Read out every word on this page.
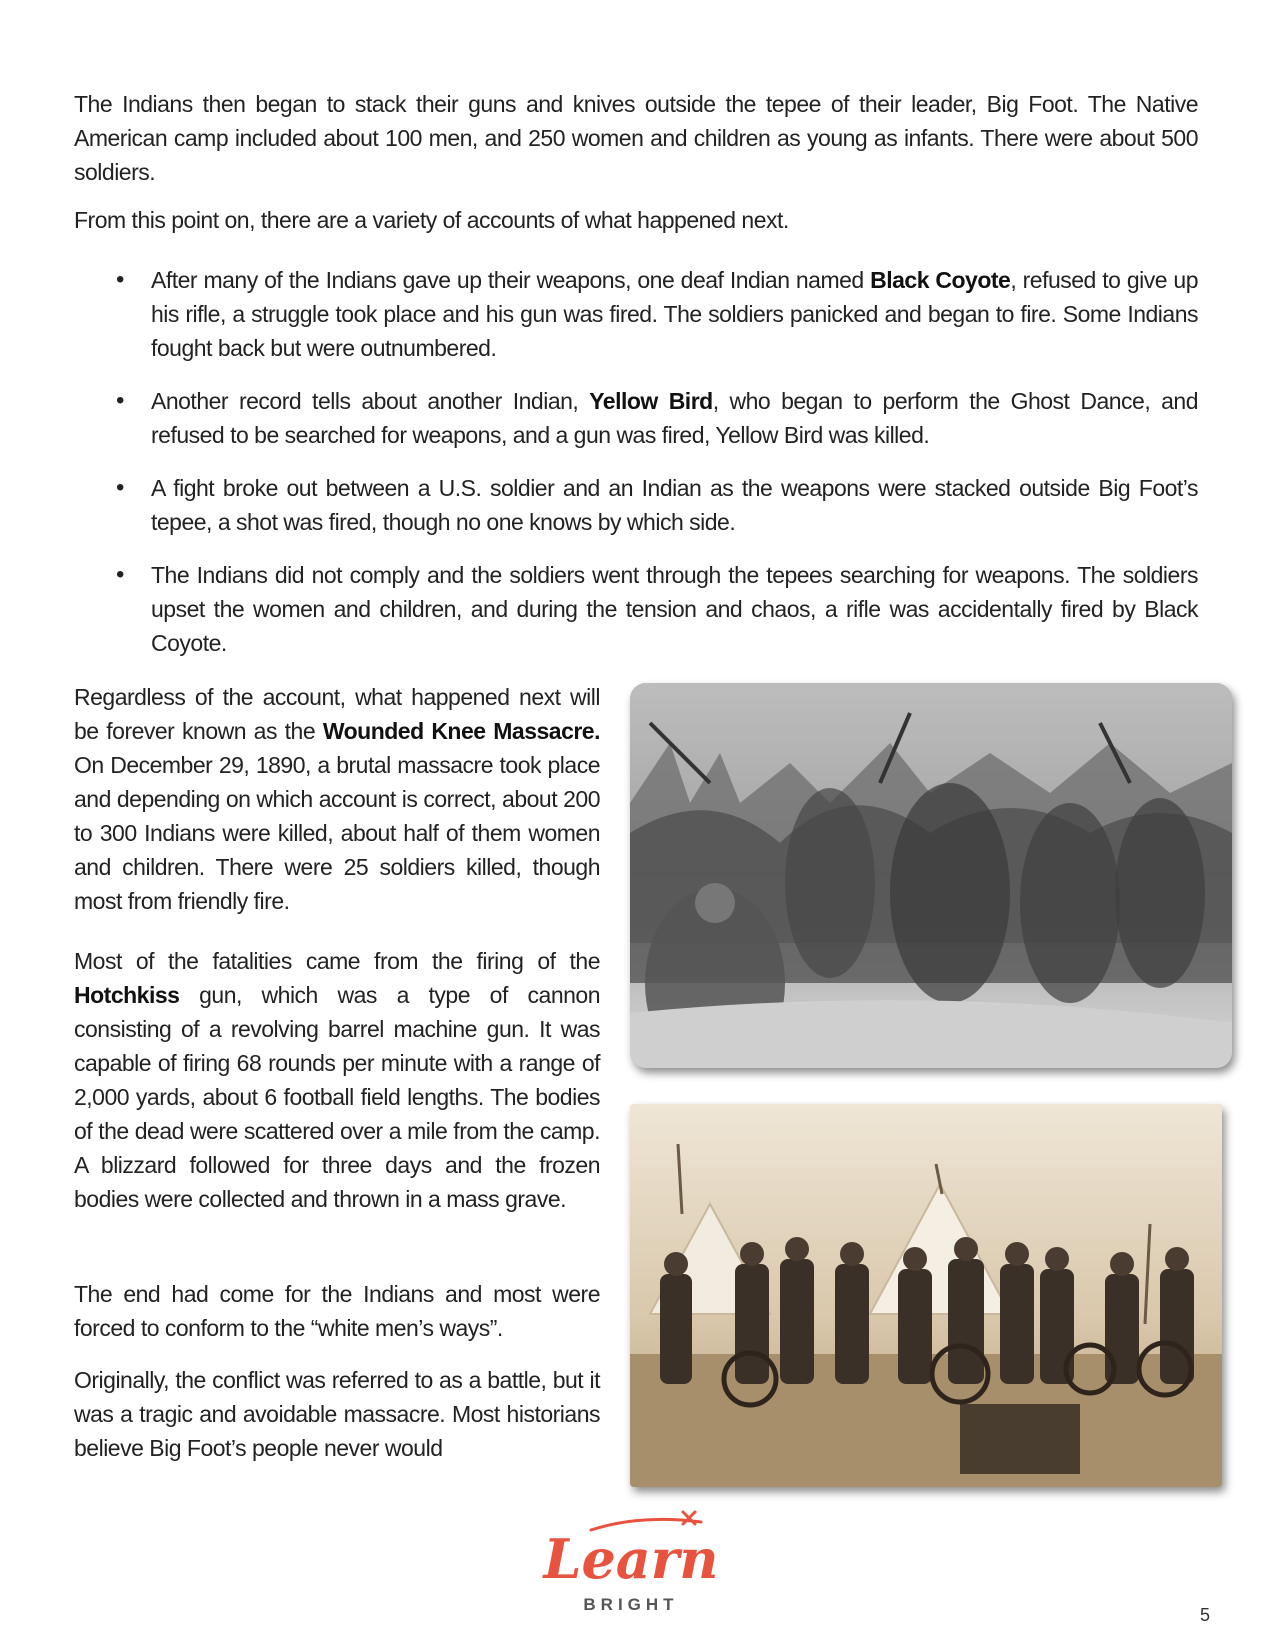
The Indians then began to stack their guns and knives outside the tepee of their leader, Big Foot. The Native American camp included about 100 men, and 250 women and children as young as infants. There were about 500 soldiers.

From this point on, there are a variety of accounts of what happened next.

• After many of the Indians gave up their weapons, one deaf Indian named Black Coyote, refused to give up his rifle, a struggle took place and his gun was fired. The soldiers panicked and began to fire. Some Indians fought back but were outnumbered.
• Another record tells about another Indian, Yellow Bird, who began to perform the Ghost Dance, and refused to be searched for weapons, and a gun was fired, Yellow Bird was killed.
• A fight broke out between a U.S. soldier and an Indian as the weapons were stacked outside Big Foot’s tepee, a shot was fired, though no one knows by which side.
• The Indians did not comply and the soldiers went through the tepees searching for weapons. The soldiers upset the women and children, and during the tension and chaos, a rifle was accidentally fired by Black Coyote.

Regardless of the account, what happened next will be forever known as the Wounded Knee Massacre. On December 29, 1890, a brutal massacre took place and depending on which account is correct, about 200 to 300 Indians were killed, about half of them women and children. There were 25 soldiers killed, though most from friendly fire.

Most of the fatalities came from the firing of the Hotchkiss gun, which was a type of cannon consisting of a revolving barrel machine gun. It was capable of firing 68 rounds per minute with a range of 2,000 yards, about 6 football field lengths. The bodies of the dead were scattered over a mile from the camp. A blizzard followed for three days and the frozen bodies were collected and thrown in a mass grave.

The end had come for the Indians and most were forced to conform to the “white men’s ways”.

Originally, the conflict was referred to as a battle, but it was a tragic and avoidable massacre. Most historians believe Big Foot’s people never would

Learn
BRIGHT
5
